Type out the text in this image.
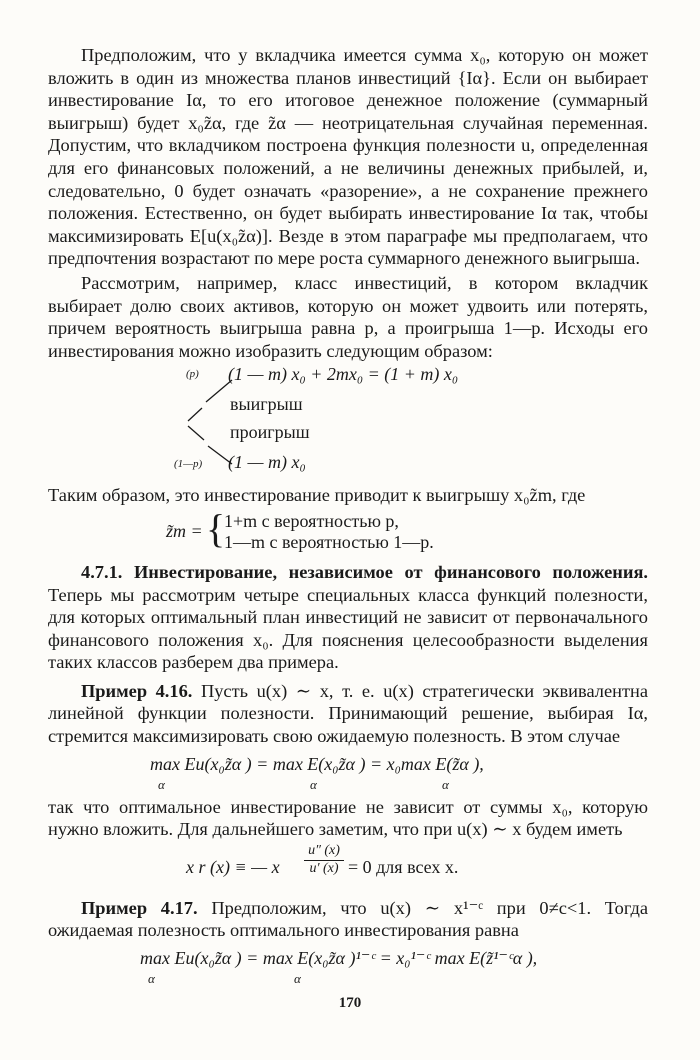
Предположим, что у вкладчика имеется сумма x₀, которую он может вложить в один из множества планов инвестиций {Iα}. Если он выбирает инвестирование Iα, то его итоговое денежное положение (суммарный выигрыш) будет x₀z̃α, где z̃α — неотрицательная случайная переменная. Допустим, что вкладчиком построена функция полезности u, определенная для его финансовых положений, а не величины денежных прибылей, и, следовательно, 0 будет означать «разорение», а не сохранение прежнего положения. Естественно, он будет выбирать инвестирование Iα так, чтобы максимизировать E[u(x₀z̃α)]. Везде в этом параграфе мы предполагаем, что предпочтения возрастают по мере роста суммарного денежного выигрыша.

Рассмотрим, например, класс инвестиций, в котором вкладчик выбирает долю своих активов, которую он может удвоить или потерять, причем вероятность выигрыша равна p, а проигрыша 1—p. Исходы его инвестирования можно изобразить следующим образом:

(p) (1 — m) x₀ + 2mx₀ = (1 + m) x₀
выигрыш
проигрыш
(1—p) (1 — m) x₀

Таким образом, это инвестирование приводит к выигрышу x₀z̃m, где

z̃m = {
1+m с вероятностью p,
1—m с вероятностью 1—p.

4.7.1. Инвестирование, независимое от финансового положения. Теперь мы рассмотрим четыре специальных класса функций полезности, для которых оптимальный план инвестиций не зависит от первоначального финансового положения x₀. Для пояснения целесообразности выделения таких классов разберем два примера.

Пример 4.16. Пусть u(x) ∼ x, т. е. u(x) стратегически эквивалентна линейной функции полезности. Принимающий решение, выбирая Iα, стремится максимизировать свою ожидаемую полезность. В этом случае

max Eu(x₀z̃α ) = max E(x₀z̃α ) = x₀max E(z̃α ),
α	α	α

так что оптимальное инвестирование не зависит от суммы x₀, которую нужно вложить. Для дальнейшего заметим, что при u(x) ∼ x будем иметь

x r (x) ≡ — x $\frac{u'' (x)}{u' (x)} = 0$ для всех x.

Пример 4.17. Предположим, что u(x) ∼ x¹⁻ᶜ при 0≠c<1. Тогда ожидаемая полезность оптимального инвестирования равна

max Eu(x₀z̃α ) = max E(x₀z̃α )¹⁻ᶜ = x₀¹⁻ᶜ max E(z̃¹⁻ᶜα ),
α	α
170
